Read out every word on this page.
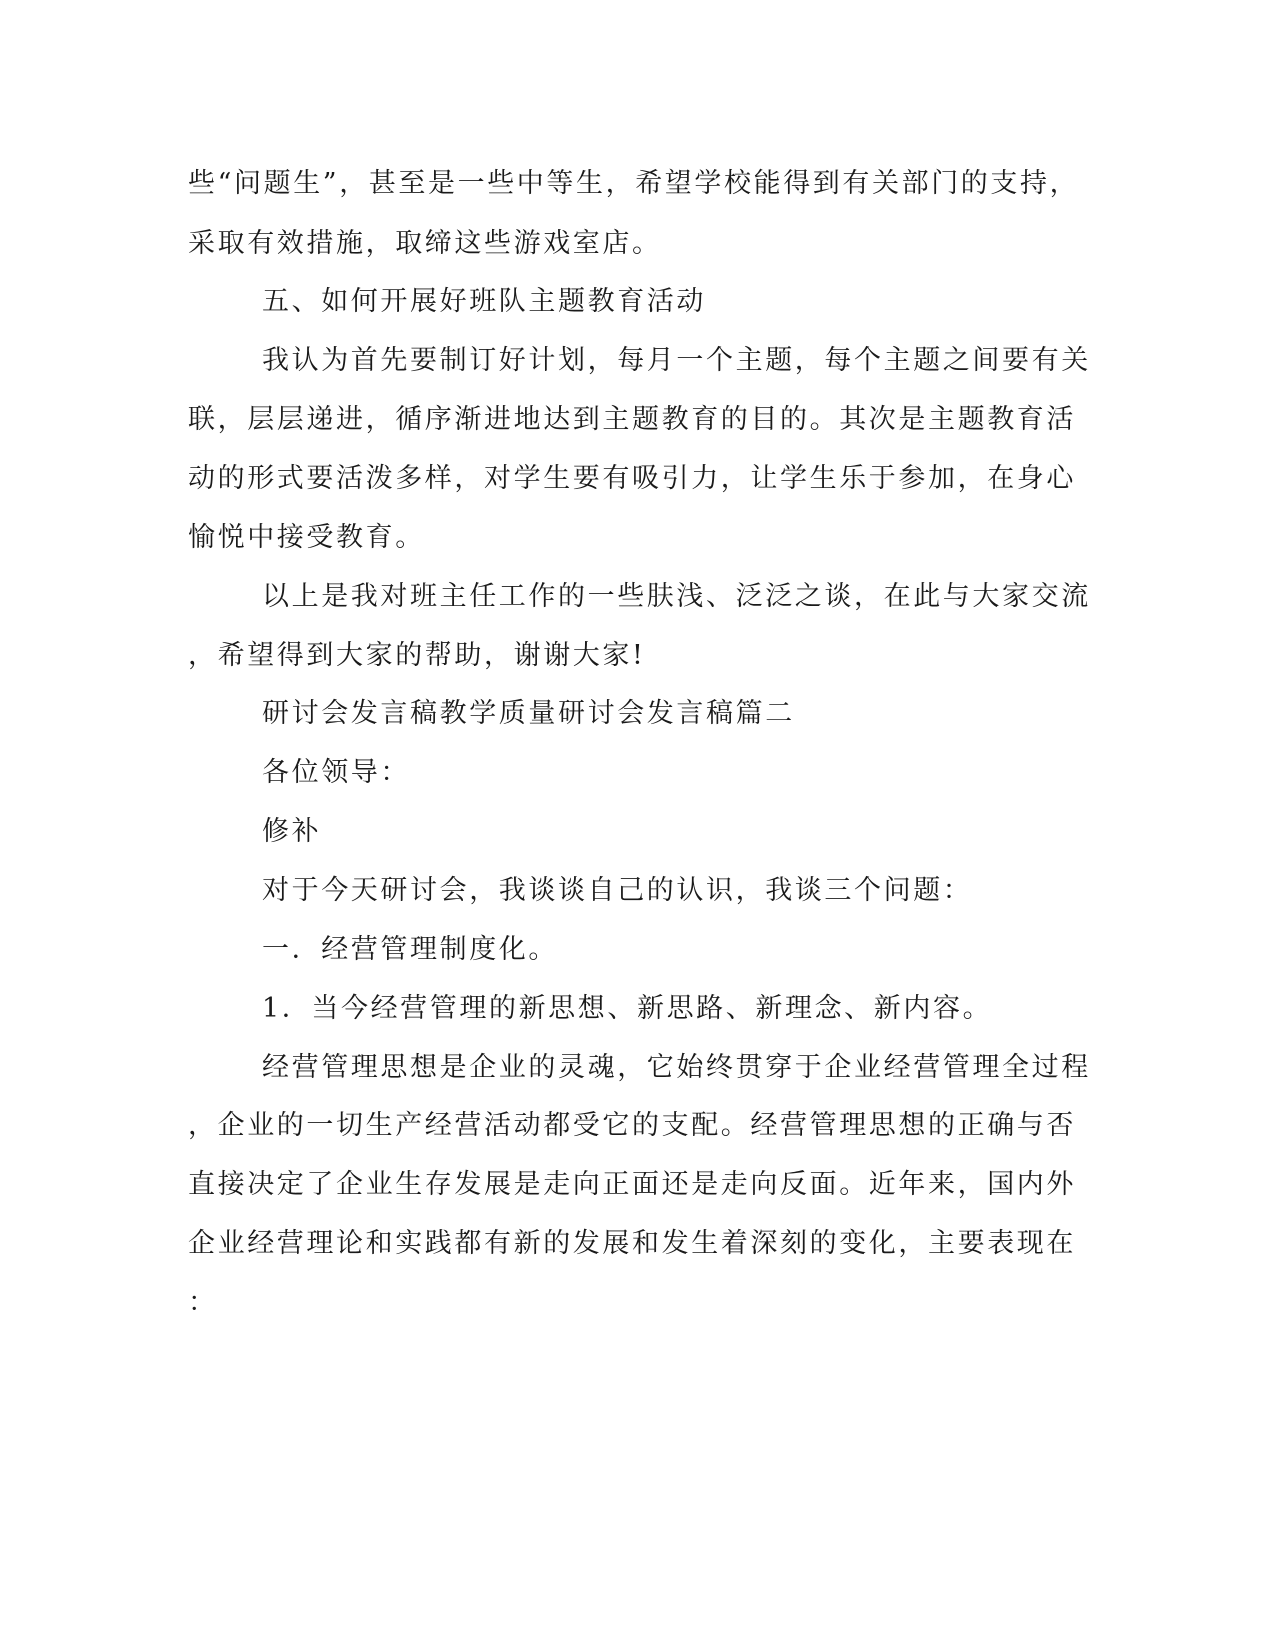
些“问题生”，甚至是一些中等生，希望学校能得到有关部门的支持，
采取有效措施，取缔这些游戏室店。
五、如何开展好班队主题教育活动
我认为首先要制订好计划，每月一个主题，每个主题之间要有关
联，层层递进，循序渐进地达到主题教育的目的。其次是主题教育活
动的形式要活泼多样，对学生要有吸引力，让学生乐于参加，在身心
愉悦中接受教育。
以上是我对班主任工作的一些肤浅、泛泛之谈，在此与大家交流
，希望得到大家的帮助，谢谢大家!
研讨会发言稿教学质量研讨会发言稿篇二
各位领导：
修补
对于今天研讨会，我谈谈自己的认识，我谈三个问题：
一．经营管理制度化。
1．当今经营管理的新思想、新思路、新理念、新内容。
经营管理思想是企业的灵魂，它始终贯穿于企业经营管理全过程
，企业的一切生产经营活动都受它的支配。经营管理思想的正确与否
直接决定了企业生存发展是走向正面还是走向反面。近年来，国内外
企业经营理论和实践都有新的发展和发生着深刻的变化，主要表现在
：
